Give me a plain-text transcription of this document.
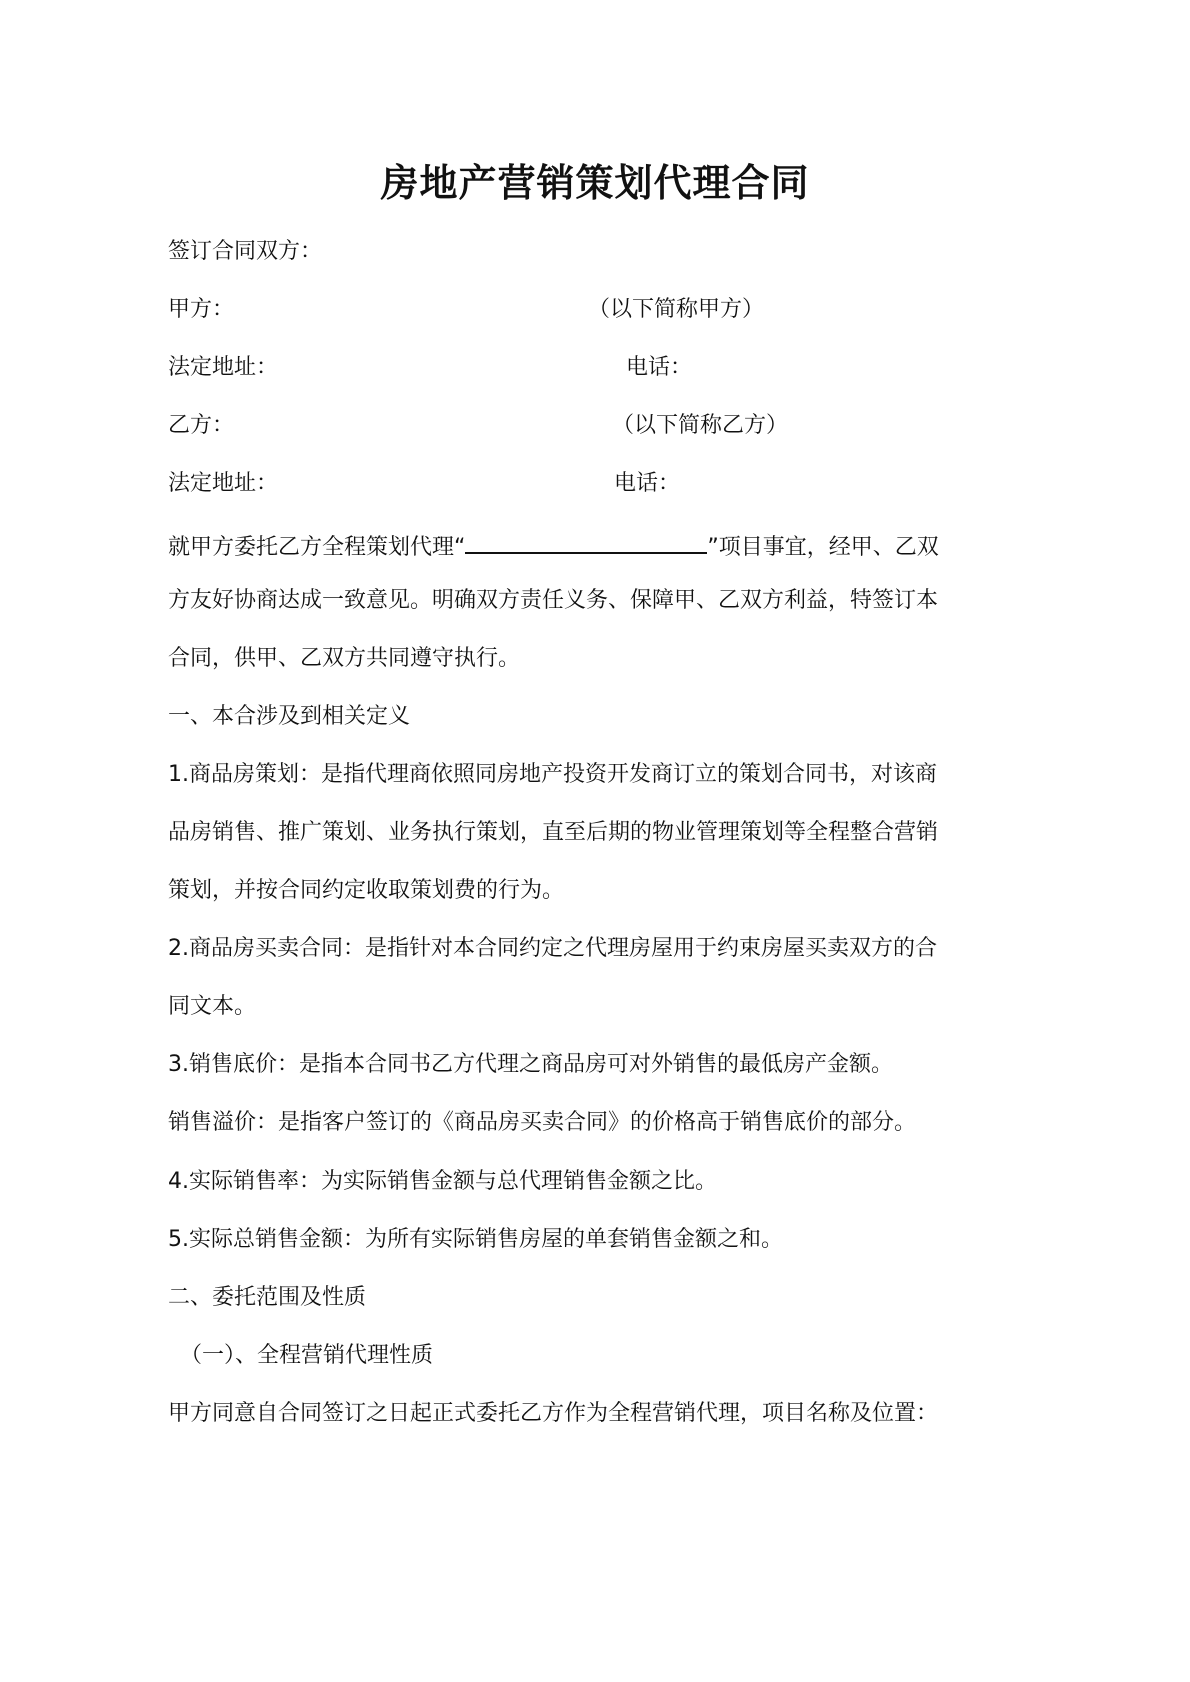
房地产营销策划代理合同
签订合同双方：
甲方：	（以下简称甲方）
法定地址：	电话：
乙方：	（以下简称乙方）
法定地址：	电话：
就甲方委托乙方全程策划代理“	”项目事宜，经甲、乙双
方友好协商达成一致意见。明确双方责任义务、保障甲、乙双方利益，特签订本
合同，供甲、乙双方共同遵守执行。
一、本合涉及到相关定义
1.商品房策划：是指代理商依照同房地产投资开发商订立的策划合同书，对该商
品房销售、推广策划、业务执行策划，直至后期的物业管理策划等全程整合营销
策划，并按合同约定收取策划费的行为。
2.商品房买卖合同：是指针对本合同约定之代理房屋用于约束房屋买卖双方的合
同文本。
3.销售底价：是指本合同书乙方代理之商品房可对外销售的最低房产金额。
销售溢价：是指客户签订的《商品房买卖合同》的价格高于销售底价的部分。
4.实际销售率：为实际销售金额与总代理销售金额之比。
5.实际总销售金额：为所有实际销售房屋的单套销售金额之和。
二、委托范围及性质
（一）、全程营销代理性质
甲方同意自合同签订之日起正式委托乙方作为全程营销代理，项目名称及位置：
